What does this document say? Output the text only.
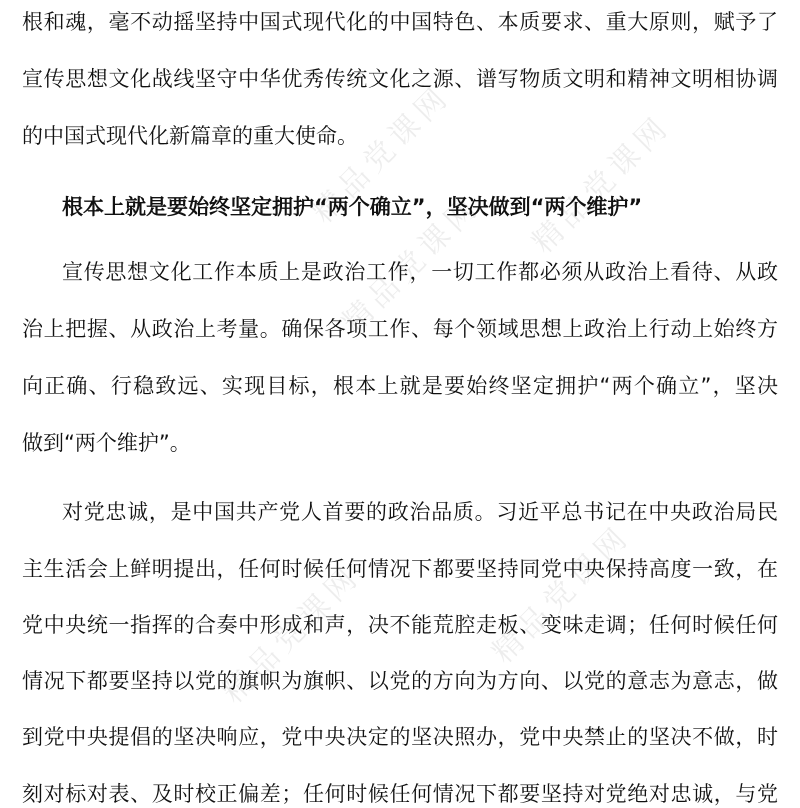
精品党课网
精品党课网 精品党课网
精品党课网	精品党课网
根和魂，毫不动摇坚持中国式现代化的中国特色、本质要求、重大原则，赋予了
宣传思想文化战线坚守中华优秀传统文化之源、谱写物质文明和精神文明相协调
的中国式现代化新篇章的重大使命。
根本上就是要始终坚定拥护“两个确立”，坚决做到“两个维护”
宣传思想文化工作本质上是政治工作，一切工作都必须从政治上看待、从政
治上把握、从政治上考量。确保各项工作、每个领域思想上政治上行动上始终方
向正确、行稳致远、实现目标，根本上就是要始终坚定拥护“两个确立”，坚决
做到“两个维护”。
对党忠诚，是中国共产党人首要的政治品质。习近平总书记在中央政治局民
主生活会上鲜明提出，任何时候任何情况下都要坚持同党中央保持高度一致，在
党中央统一指挥的合奏中形成和声，决不能荒腔走板、变味走调；任何时候任何
情况下都要坚持以党的旗帜为旗帜、以党的方向为方向、以党的意志为意志，做
到党中央提倡的坚决响应，党中央决定的坚决照办，党中央禁止的坚决不做，时
刻对标对表、及时校正偏差；任何时候任何情况下都要坚持对党绝对忠诚，与党
